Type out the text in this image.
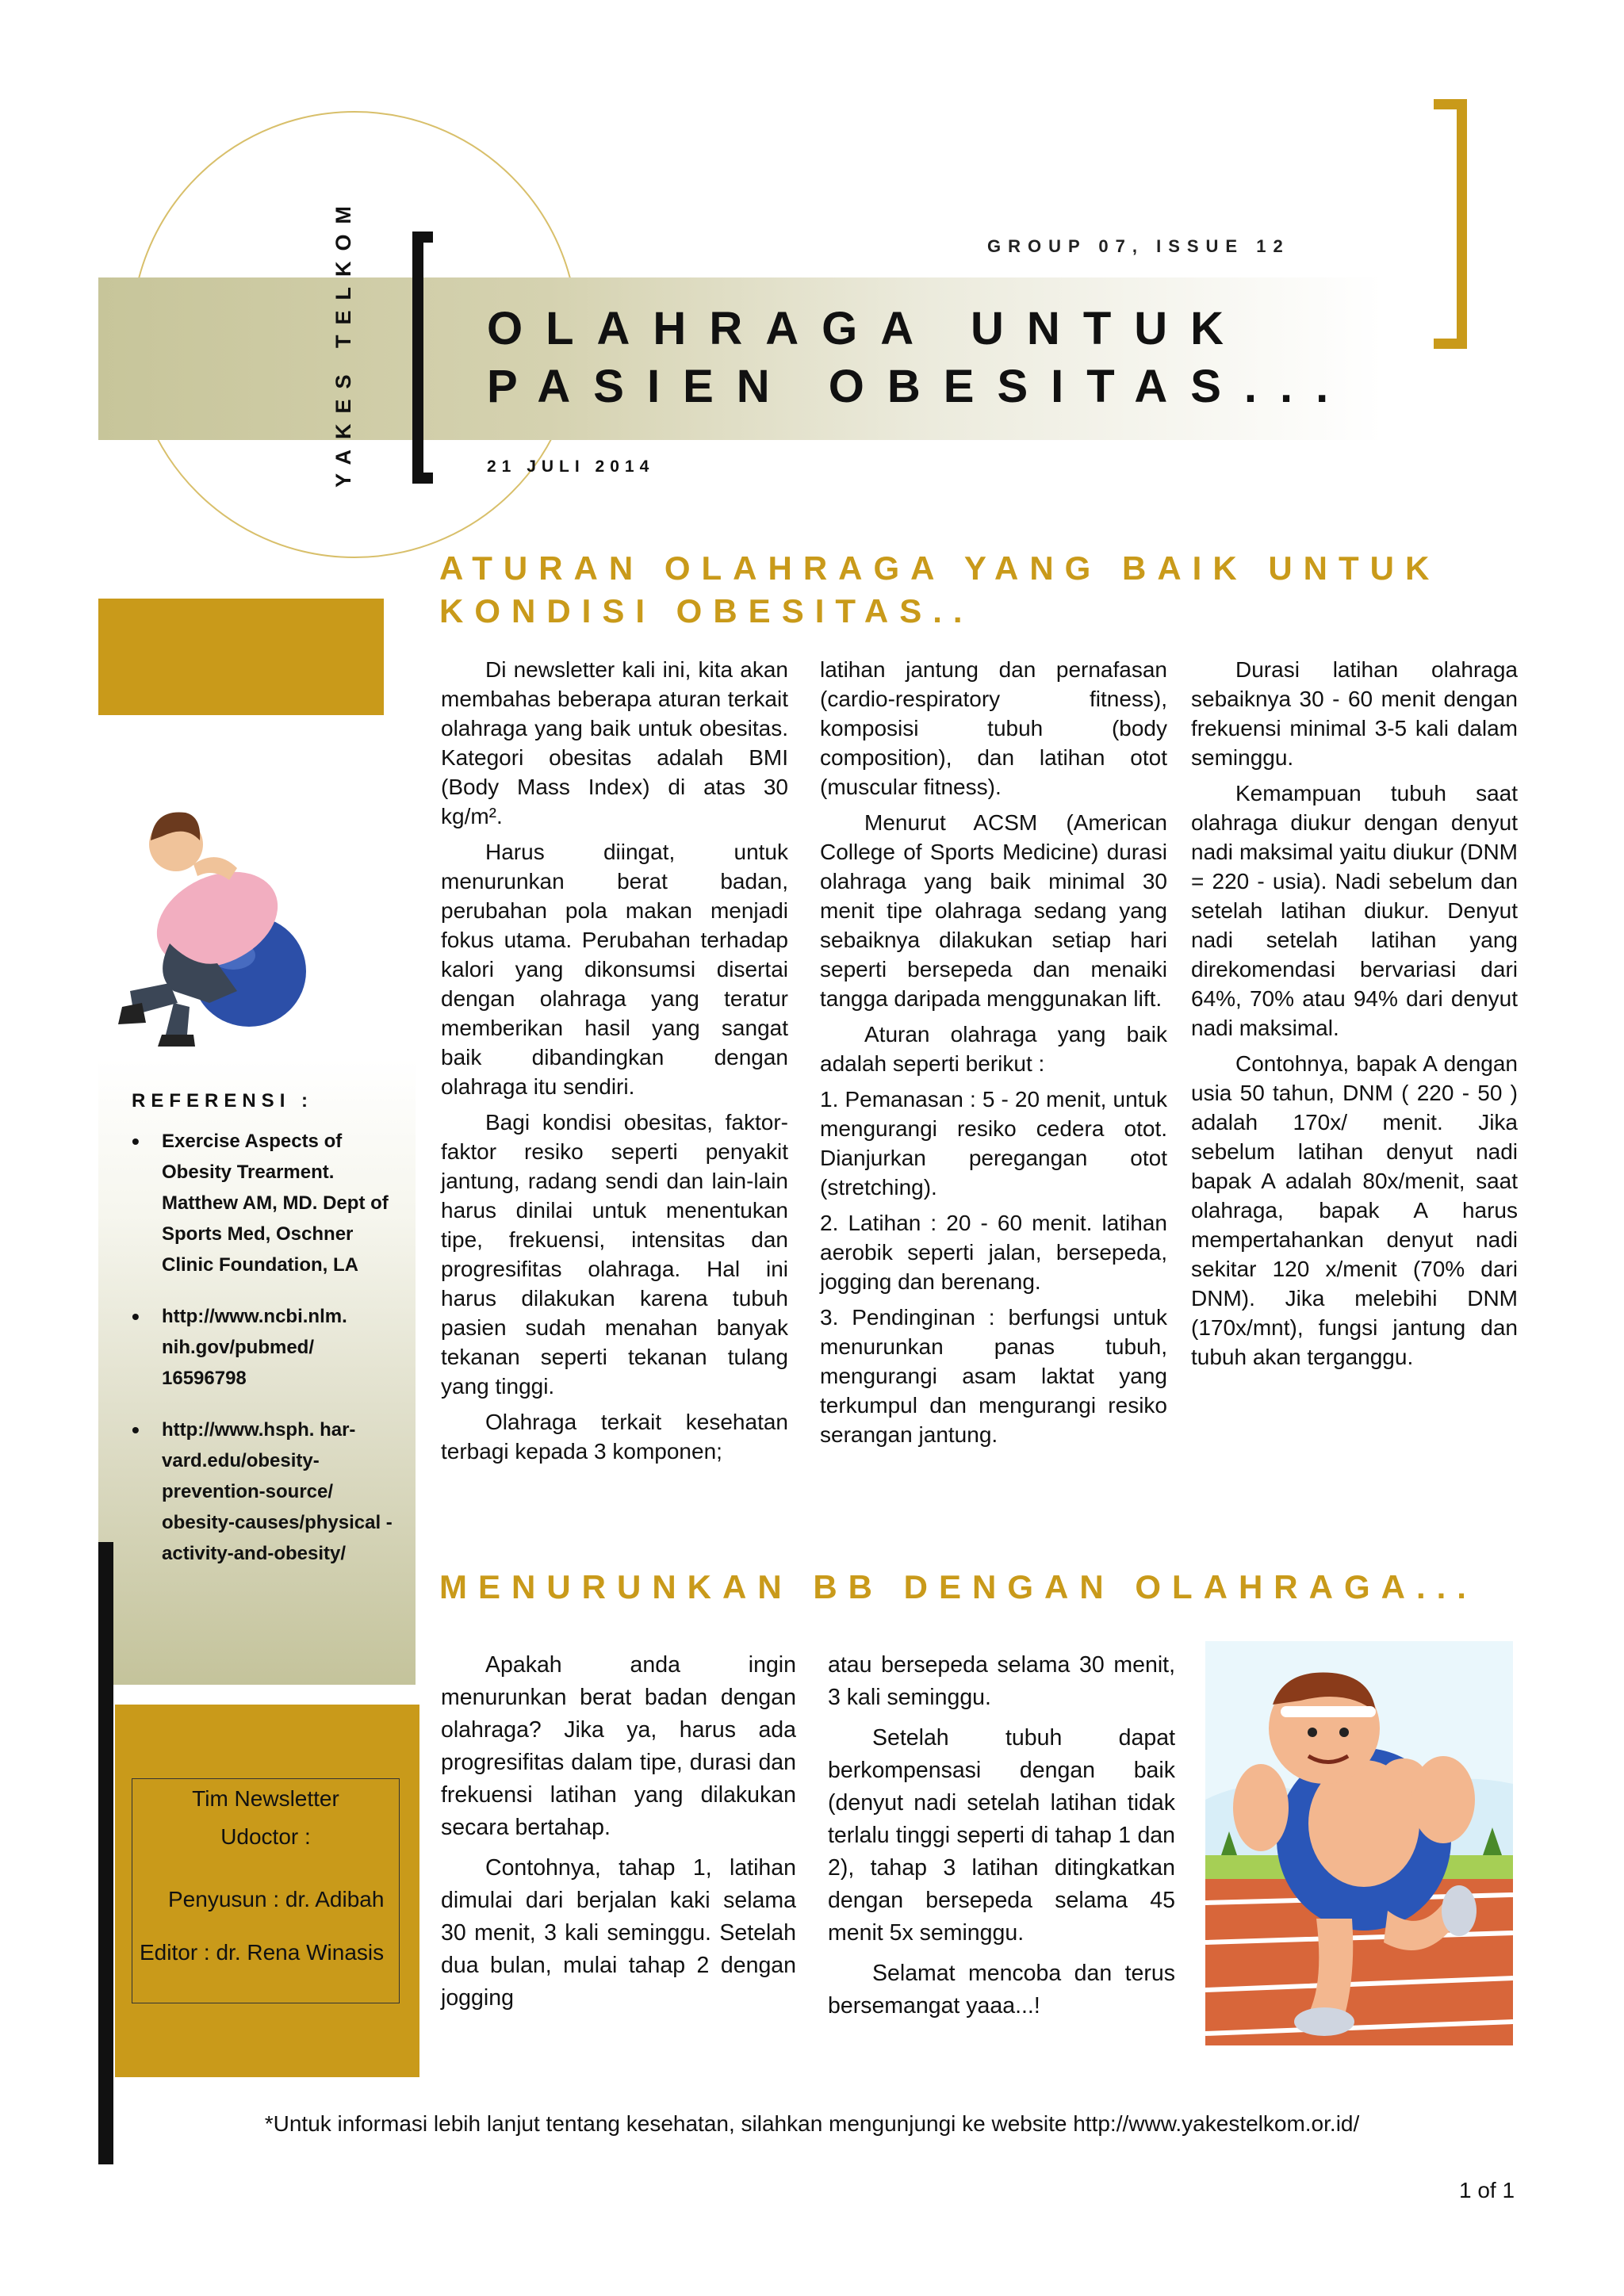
YAKES TELKOM	GROUP 07, ISSUE 12
OLAHRAGA UNTUK
PASIEN OBESITAS...
21 JULI 2014
REFERENSI :
• Exercise Aspects of Obesity Trearment. Matthew AM, MD. Dept of Sports Med, Oschner Clinic Foundation, LA
• http://www.ncbi.nlm. nih.gov/pubmed/ 16596798
• http://www.hsph. har- vard.edu/obesity- prevention-source/ obesity-causes/physical -activity-and-obesity/
Tim Newsletter
Udoctor :
Penyusun : dr. Adibah
Editor : dr. Rena Winasis
ATURAN OLAHRAGA YANG BAIK UNTUK
KONDISI OBESITAS..

Di newsletter kali ini, kita akan membahas beberapa aturan terkait olahraga yang baik untuk obesitas. Kategori obesitas adalah BMI (Body Mass Index) di atas 30 kg/m².

Harus diingat, untuk menurunkan berat badan, perubahan pola makan menjadi fokus utama. Perubahan terhadap kalori yang dikonsumsi disertai dengan olahraga yang teratur memberikan hasil yang sangat baik dibandingkan dengan olahraga itu sendiri.

Bagi kondisi obesitas, faktor-faktor resiko seperti penyakit jantung, radang sendi dan lain-lain harus dinilai untuk menentukan tipe, frekuensi, intensitas dan progresifitas olahraga. Hal ini harus dilakukan karena tubuh pasien sudah menahan banyak tekanan seperti tekanan tulang yang tinggi.

Olahraga terkait kesehatan terbagi kepada 3 komponen;

latihan jantung dan pernafasan (cardio-respiratory fitness), komposisi tubuh (body composition), dan latihan otot (muscular fitness).

Menurut ACSM (American College of Sports Medicine) durasi olahraga yang baik minimal 30 menit tipe olahraga sedang yang sebaiknya dilakukan setiap hari seperti bersepeda dan menaiki tangga daripada menggunakan lift.

Aturan olahraga yang baik adalah seperti berikut :

1. Pemanasan : 5 - 20 menit, untuk mengurangi resiko cedera otot. Dianjurkan peregangan otot (stretching).

2. Latihan : 20 - 60 menit. latihan aerobik seperti jalan, bersepeda, jogging dan berenang.

3. Pendinginan : berfungsi untuk menurunkan panas tubuh, mengurangi asam laktat yang terkumpul dan mengurangi resiko serangan jantung.

Durasi latihan olahraga sebaiknya 30 - 60 menit dengan frekuensi minimal 3-5 kali dalam seminggu.

Kemampuan tubuh saat olahraga diukur dengan denyut nadi maksimal yaitu diukur (DNM = 220 - usia). Nadi sebelum dan setelah latihan diukur. Denyut nadi setelah latihan yang direkomendasi bervariasi dari 64%, 70% atau 94% dari denyut nadi maksimal.

Contohnya, bapak A dengan usia 50 tahun, DNM ( 220 - 50 ) adalah 170x/ menit. Jika sebelum latihan denyut nadi bapak A adalah 80x/menit, saat olahraga, bapak A harus mempertahankan denyut nadi sekitar 120 x/menit (70% dari DNM). Jika melebihi DNM (170x/mnt), fungsi jantung dan tubuh akan terganggu.

MENURUNKAN BB DENGAN OLAHRAGA...

Apakah anda ingin menurunkan berat badan dengan olahraga? Jika ya, harus ada progresifitas dalam tipe, durasi dan frekuensi latihan yang dilakukan secara bertahap.

Contohnya, tahap 1, latihan dimulai dari berjalan kaki selama 30 menit, 3 kali seminggu. Setelah dua bulan, mulai tahap 2 dengan jogging

atau bersepeda selama 30 menit, 3 kali seminggu.

Setelah tubuh dapat berkompensasi dengan baik (denyut nadi setelah latihan tidak terlalu tinggi seperti di tahap 1 dan 2), tahap 3 latihan ditingkatkan dengan bersepeda selama 45 menit 5x seminggu.

Selamat mencoba dan terus bersemangat yaaa...!

*Untuk informasi lebih lanjut tentang kesehatan, silahkan mengunjungi ke website http://www.yakestelkom.or.id/
1 of 1
